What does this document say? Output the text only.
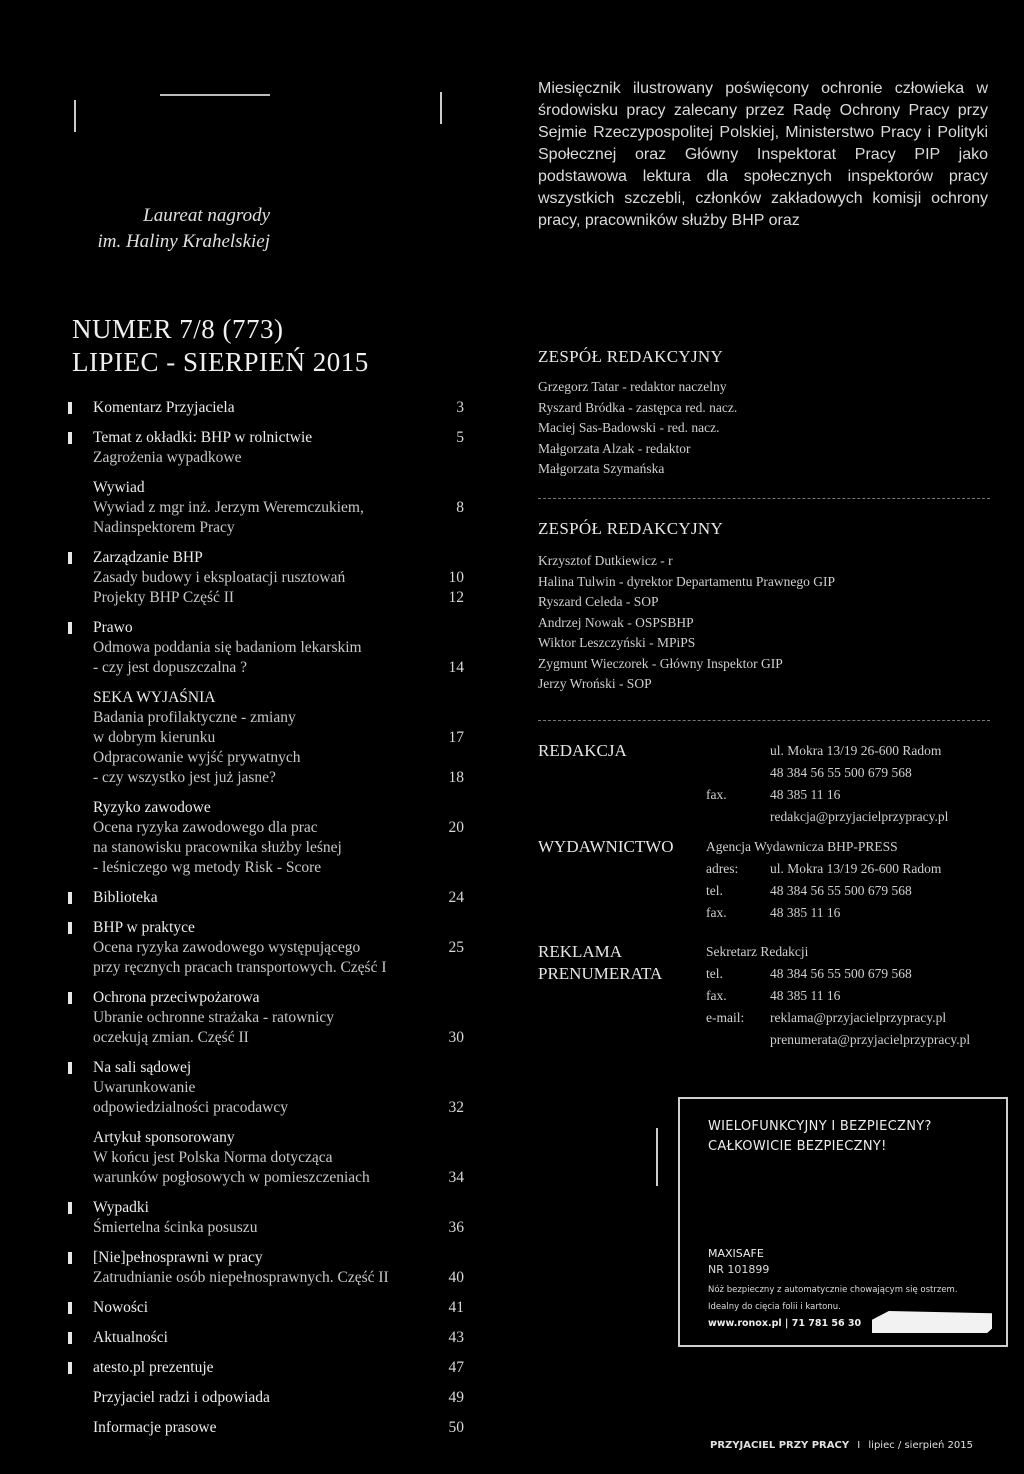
Laureat nagrody
im. Haliny Krahelskiej
Miesięcznik ilustrowany poświęcony ochronie człowieka w środowisku pracy zalecany przez Radę Ochrony Pracy przy Sejmie Rzeczypospolitej Polskiej, Ministerstwo Pracy i Polityki Społecznej oraz Główny Inspektorat Pracy PIP jako podstawowa lektura dla społecznych inspektorów pracy wszystkich szczebli, członków zakładowych komisji ochrony pracy, pracowników służby BHP oraz
NUMER 7/8 (773)
LIPIEC - SIERPIEŃ 2015
Komentarz Przyjaciela	3
Temat z okładki: BHP w rolnictwie	5
Zagrożenia wypadkowe
Wywiad
Wywiad z mgr inż. Jerzym Weremczukiem,	8
Nadinspektorem Pracy
Zarządzanie BHP
Zasady budowy i eksploatacji rusztowań	10
Projekty BHP Część II	12
Prawo
Odmowa poddania się badaniom lekarskim
- czy jest dopuszczalna ?	14
SEKA WYJAŚNIA
Badania profilaktyczne - zmiany
w dobrym kierunku	17
Odpracowanie wyjść prywatnych
- czy wszystko jest już jasne?	18
Ryzyko zawodowe
Ocena ryzyka zawodowego dla prac	20
na stanowisku pracownika służby leśnej
- leśniczego wg metody Risk - Score
Biblioteka	24
BHP w praktyce
Ocena ryzyka zawodowego występującego	25
przy ręcznych pracach transportowych. Część I
Ochrona przeciwpożarowa
Ubranie ochronne strażaka - ratownicy
oczekują zmian. Część II	30
Na sali sądowej
Uwarunkowanie
odpowiedzialności pracodawcy	32
Artykuł sponsorowany
W końcu jest Polska Norma dotycząca
warunków pogłosowych w pomieszczeniach	34
Wypadki
Śmiertelna ścinka posuszu	36
[Nie]pełnosprawni w pracy
Zatrudnianie osób niepełnosprawnych. Część II	40
Nowości	41
Aktualności	43
atesto.pl prezentuje	47
Przyjaciel radzi i odpowiada	49
Informacje prasowe	50
ZESPÓŁ REDAKCYJNY
Grzegorz Tatar - redaktor naczelny
Ryszard Bródka - zastępca red. nacz.
Maciej Sas-Badowski - red. nacz.
Małgorzata Alzak - redaktor
Małgorzata Szymańska
ZESPÓŁ REDAKCYJNY
Krzysztof Dutkiewicz - r
Halina Tulwin - dyrektor Departamentu Prawnego GIP
Ryszard Celeda - SOP
Andrzej Nowak - OSPSBHP
Wiktor Leszczyński - MPiPS
Zygmunt Wieczorek - Główny Inspektor GIP
Jerzy Wroński - SOP
REDAKCJA	ul. Mokra 13/19 26-600 Radom
48 384 56 55 500 679 568
fax.	48 385 11 16
redakcja@przyjacielprzypracy.pl
WYDAWNICTWO Agencja Wydawnicza BHP-PRESS
adres:	ul. Mokra 13/19 26-600 Radom
tel.	48 384 56 55 500 679 568
fax.	48 385 11 16
REKLAMA
PRENUMERATA
Sekretarz Redakcji
tel.	48 384 56 55 500 679 568
fax.	48 385 11 16
e-mail:	reklama@przyjacielprzypracy.pl
	prenumerata@przyjacielprzypracy.pl
WIELOFUNKCYJNY I BEZPIECZNY?
CAŁKOWICIE BEZPIECZNY!
MAXISAFE
NR 101899
Nóż bezpieczny z automatycznie chowającym się ostrzem.
Idealny do cięcia folii i kartonu.
www.ronox.pl | 71 781 56 30
PRZYJACIEL PRZY PRACY I lipiec / sierpień 2015
